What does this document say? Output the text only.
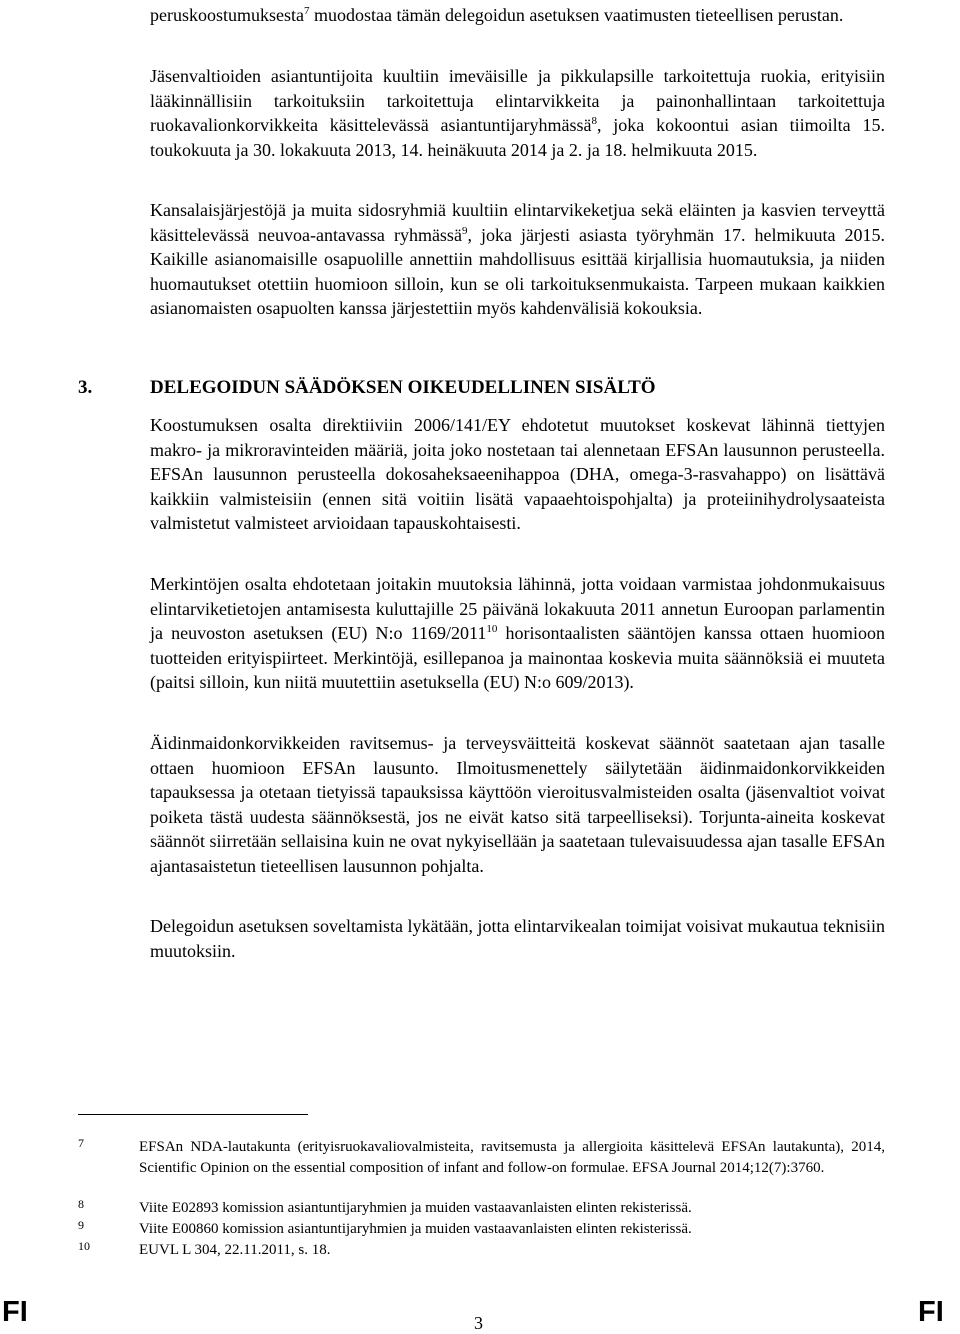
peruskoostumuksesta$^7$ muodostaa tämän delegoidun asetuksen vaatimusten tieteellisen perustan.

Jäsenvaltioiden asiantuntijoita kuultiin imeväisille ja pikkulapsille tarkoitettuja ruokia, erityisiin lääkinnällisiin tarkoituksiin tarkoitettuja elintarvikkeita ja painonhallintaan tarkoitettuja ruokavalionkorvikkeita käsittelevässä asiantuntijaryhmässä$^8$, joka kokoontui asian tiimoilta 15. toukokuuta ja 30. lokakuuta 2013, 14. heinäkuuta 2014 ja 2. ja 18. helmikuuta 2015.

Kansalaisjärjestöjä ja muita sidosryhmiä kuultiin elintarvikeketjua sekä eläinten ja kasvien terveyttä käsittelevässä neuvoa-antavassa ryhmässä$^9$, joka järjesti asiasta työryhmän 17. helmikuuta 2015. Kaikille asianomaisille osapuolille annettiin mahdollisuus esittää kirjallisia huomautuksia, ja niiden huomautukset otettiin huomioon silloin, kun se oli tarkoituksenmukaista. Tarpeen mukaan kaikkien asianomaisten osapuolten kanssa järjestettiin myös kahdenvälisiä kokouksia.

3.	DELEGOIDUN SÄÄDÖKSEN OIKEUDELLINEN SISÄLTÖ

Koostumuksen osalta direktiiviin 2006/141/EY ehdotetut muutokset koskevat lähinnä tiettyjen makro- ja mikroravinteiden määriä, joita joko nostetaan tai alennetaan EFSAn lausunnon perusteella. EFSAn lausunnon perusteella dokosaheksaeenihappoa (DHA, omega-3-rasvahappo) on lisättävä kaikkiin valmisteisiin (ennen sitä voitiin lisätä vapaaehtoispohjalta) ja proteiinihydrolysaateista valmistetut valmisteet arvioidaan tapauskohtaisesti.

Merkintöjen osalta ehdotetaan joitakin muutoksia lähinnä, jotta voidaan varmistaa johdonmukaisuus elintarviketietojen antamisesta kuluttajille 25 päivänä lokakuuta 2011 annetun Euroopan parlamentin ja neuvoston asetuksen (EU) N:o 1169/2011$^{10}$ horisontaalisten sääntöjen kanssa ottaen huomioon tuotteiden erityispiirteet. Merkintöjä, esillepanoa ja mainontaa koskevia muita säännöksiä ei muuteta (paitsi silloin, kun niitä muutettiin asetuksella (EU) N:o 609/2013).

Äidinmaidonkorvikkeiden ravitsemus- ja terveysväitteitä koskevat säännöt saatetaan ajan tasalle ottaen huomioon EFSAn lausunto. Ilmoitusmenettely säilytetään äidinmaidonkorvikkeiden tapauksessa ja otetaan tietyissä tapauksissa käyttöön vieroitusvalmisteiden osalta (jäsenvaltiot voivat poiketa tästä uudesta säännöksestä, jos ne eivät katso sitä tarpeelliseksi). Torjunta-aineita koskevat säännöt siirretään sellaisina kuin ne ovat nykyisellään ja saatetaan tulevaisuudessa ajan tasalle EFSAn ajantasaistetun tieteellisen lausunnon pohjalta.

Delegoidun asetuksen soveltamista lykätään, jotta elintarvikealan toimijat voisivat mukautua teknisiin muutoksiin.

7	EFSAn NDA-lautakunta (erityisruokavaliovalmisteita, ravitsemusta ja allergioita käsittelevä EFSAn lautakunta), 2014, Scientific Opinion on the essential composition of infant and follow-on formulae. EFSA Journal 2014;12(7):3760.

8	Viite E02893 komission asiantuntijaryhmien ja muiden vastaavanlaisten elinten rekisterissä.

9	Viite E00860 komission asiantuntijaryhmien ja muiden vastaavanlaisten elinten rekisterissä.

10	EUVL L 304, 22.11.2011, s. 18.

FI	3	FI
